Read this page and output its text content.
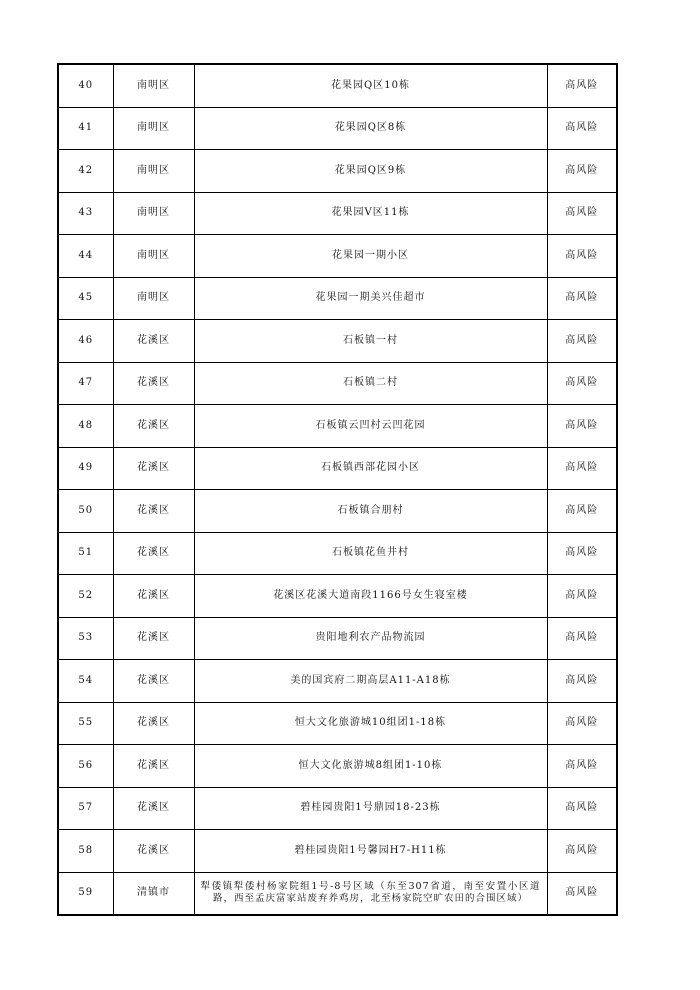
40	南明区	花果园Q区10栋	高风险
41	南明区	花果园Q区8栋	高风险
42	南明区	花果园Q区9栋	高风险
43	南明区	花果园V区11栋	高风险
44	南明区	花果园一期小区	高风险
45	南明区	花果园一期美兴佳超市	高风险
46	花溪区	石板镇一村	高风险
47	花溪区	石板镇二村	高风险
48	花溪区	石板镇云凹村云凹花园	高风险
49	花溪区	石板镇西部花园小区	高风险
50	花溪区	石板镇合朋村	高风险
51	花溪区	石板镇花鱼井村	高风险
52	花溪区	花溪区花溪大道南段1166号女生寝室楼	高风险
53	花溪区	贵阳地利农产品物流园	高风险
54	花溪区	美的国宾府二期高层A11-A18栋	高风险
55	花溪区	恒大文化旅游城10组团1-18栋	高风险
56	花溪区	恒大文化旅游城8组团1-10栋	高风险
57	花溪区	碧桂园贵阳1号鼎园18-23栋	高风险
58	花溪区	碧桂园贵阳1号馨园H7-H11栋	高风险
59	清镇市	犁倭镇犁倭村杨家院组1号-8号区域（东至307省道，南至安置小区道路，西至孟庆富家站废弃养鸡房，北至杨家院空旷农田的合围区域）	高风险
